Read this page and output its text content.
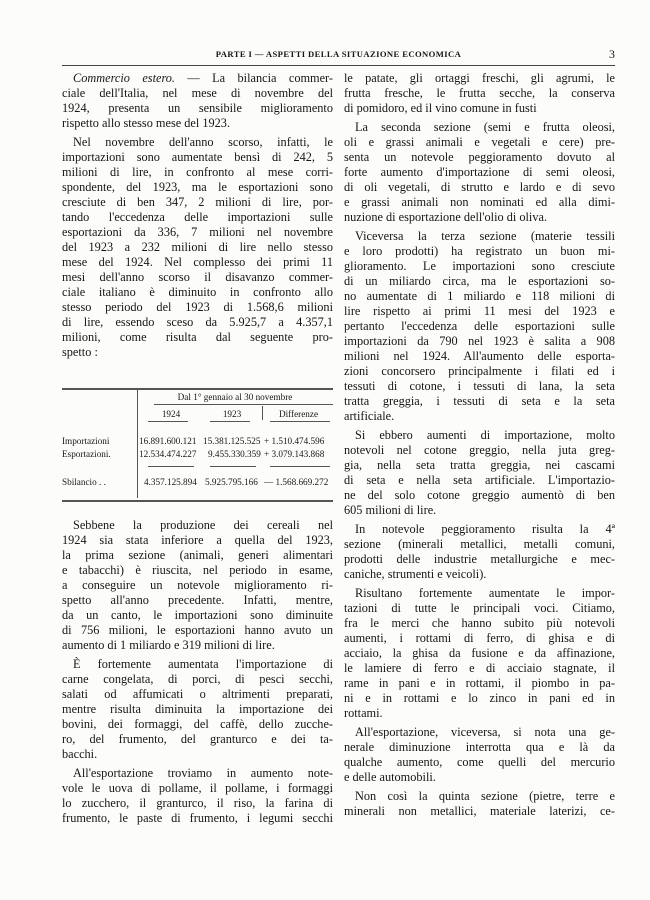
PARTE I — ASPETTI DELLA SITUAZIONE ECONOMICA	3
Commercio estero. — La bilancia commer-
ciale dell'Italia, nel mese di novembre del
1924, presenta un sensibile miglioramento
rispetto allo stesso mese del 1923.
Nel novembre dell'anno scorso, infatti, le
importazioni sono aumentate bensì di 242, 5
milioni di lire, in confronto al mese corri-
spondente, del 1923, ma le esportazioni sono
cresciute di ben 347, 2 milioni di lire, por-
tando l'eccedenza delle importazioni sulle
esportazioni da 336, 7 milioni nel novembre
del 1923 a 232 milioni di lire nello stesso
mese del 1924. Nel complesso dei primi 11
mesi dell'anno scorso il disavanzo commer-
ciale italiano è diminuito in confronto allo
stesso periodo del 1923 di 1.568,6 milioni
di lire, essendo sceso da 5.925,7 a 4.357,1
milioni, come risulta dal seguente pro-
spetto :
Dal 1° gennaio al 30 novembre
1924	1923	Differenze
Importazioni	16.891.600.121 15.381.125.525 + 1.510.474.596
Esportazioni.	12.534.474.227 9.455.330.359 + 3.079.143.868
Sbilancio . .	4.357.125.894 5.925.795.166 — 1.568.669.272
Sebbene la produzione dei cereali nel
1924 sia stata inferiore a quella del 1923,
la prima sezione (animali, generi alimentari
e tabacchi) è riuscita, nel periodo in esame,
a conseguire un notevole miglioramento ri-
spetto all'anno precedente. Infatti, mentre,
da un canto, le importazioni sono diminuite
di 756 milioni, le esportazioni hanno avuto un
aumento di 1 miliardo e 319 milioni di lire.
È fortemente aumentata l'importazione di
carne congelata, di porci, di pesci secchi,
salati od affumicati o altrimenti preparati,
mentre risulta diminuita la importazione dei
bovini, dei formaggi, del caffè, dello zucche-
ro, del frumento, del granturco e dei ta-
bacchi.
All'esportazione troviamo in aumento note-
vole le uova di pollame, il pollame, i formaggi
lo zucchero, il granturco, il riso, la farina di
frumento, le paste di frumento, i legumi secchi
le patate, gli ortaggi freschi, gli agrumi, le
frutta fresche, le frutta secche, la conserva
di pomidoro, ed il vino comune in fusti
La seconda sezione (semi e frutta oleosi,
oli e grassi animali e vegetali e cere) pre-
senta un notevole peggioramento dovuto al
forte aumento d'importazione di semi oleosi,
di oli vegetali, di strutto e lardo e di sevo
e grassi animali non nominati ed alla dimi-
nuzione di esportazione dell'olio di oliva.
Viceversa la terza sezione (materie tessili
e loro prodotti) ha registrato un buon mi-
glioramento. Le importazioni sono cresciute
di un miliardo circa, ma le esportazioni so-
no aumentate di 1 miliardo e 118 milioni di
lire rispetto ai primi 11 mesi del 1923 e
pertanto l'eccedenza delle esportazioni sulle
importazioni da 790 nel 1923 è salita a 908
milioni nel 1924. All'aumento delle esporta-
zioni concorsero principalmente i filati ed i
tessuti di cotone, i tessuti di lana, la seta
tratta greggia, i tessuti di seta e la seta
artificiale.
Si ebbero aumenti di importazione, molto
notevoli nel cotone greggio, nella juta greg-
gia, nella seta tratta greggia, nei cascami
di seta e nella seta artificiale. L'importazio-
ne del solo cotone greggio aumentò di ben
605 milioni di lire.
In notevole peggioramento risulta la 4ª
sezione (minerali metallici, metalli comuni,
prodotti delle industrie metallurgiche e mec-
caniche, strumenti e veicoli).
Risultano fortemente aumentate le impor-
tazioni di tutte le principali voci. Citiamo,
fra le merci che hanno subito più notevoli
aumenti, i rottami di ferro, di ghisa e di
acciaio, la ghisa da fusione e da affinazione,
le lamiere di ferro e di acciaio stagnate, il
rame in pani e in rottami, il piombo in pa-
ni e in rottami e lo zinco in pani ed in
rottami.
All'esportazione, viceversa, si nota una ge-
nerale diminuzione interrotta qua e là da
qualche aumento, come quelli del mercurio
e delle automobili.
Non così la quinta sezione (pietre, terre e
minerali non metallici, materiale laterizi, ce-
